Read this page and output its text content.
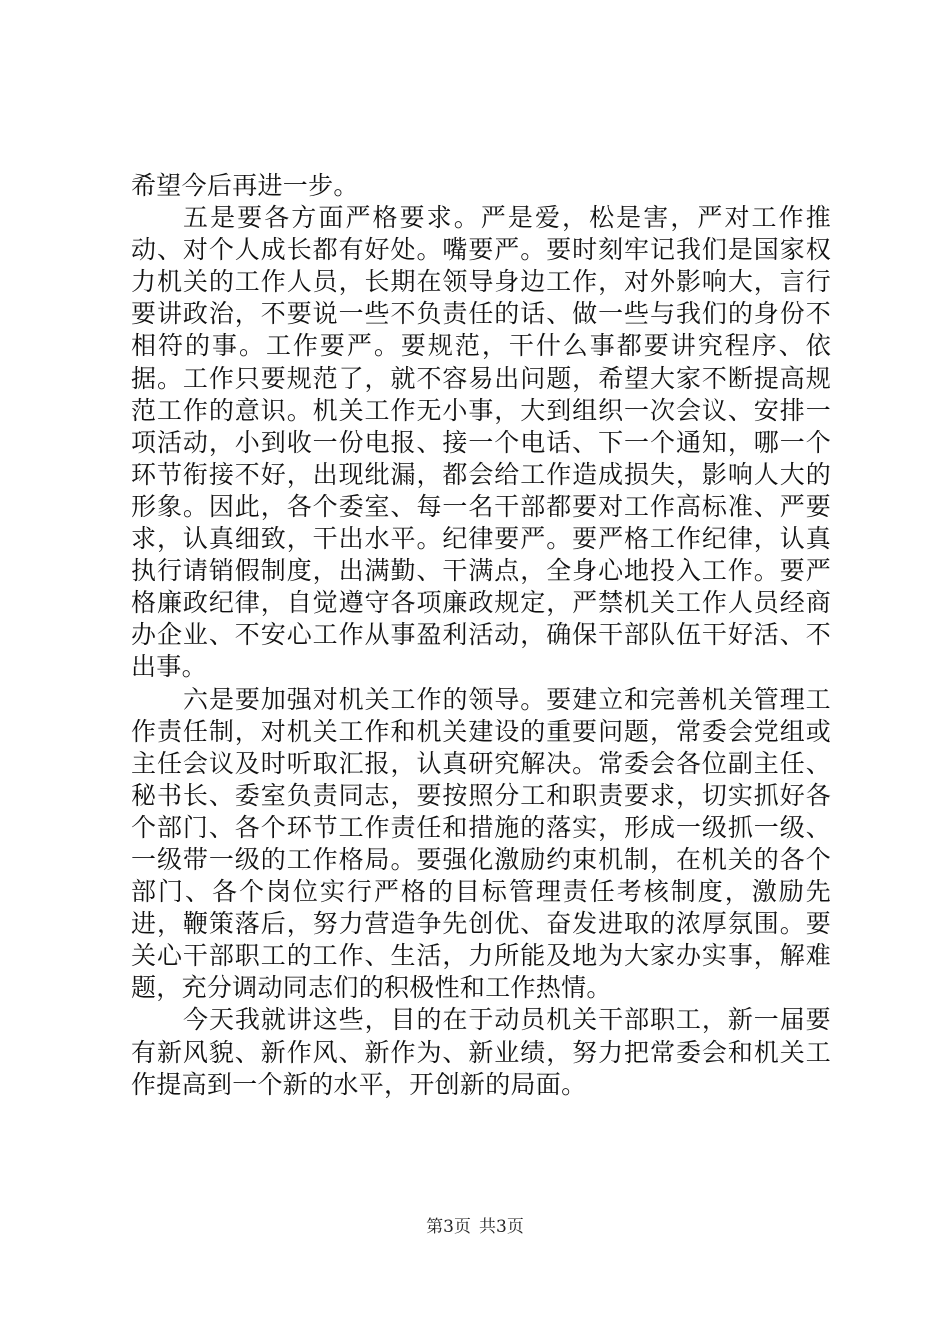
希望今后再进一步。

五是要各方面严格要求。严是爱，松是害，严对工作推动、对个人成长都有好处。嘴要严。要时刻牢记我们是国家权力机关的工作人员，长期在领导身边工作，对外影响大，言行要讲政治，不要说一些不负责任的话、做一些与我们的身份不相符的事。工作要严。要规范，干什么事都要讲究程序、依据。工作只要规范了，就不容易出问题，希望大家不断提高规范工作的意识。机关工作无小事，大到组织一次会议、安排一项活动，小到收一份电报、接一个电话、下一个通知，哪一个环节衔接不好，出现纰漏，都会给工作造成损失，影响人大的形象。因此，各个委室、每一名干部都要对工作高标准、严要求，认真细致，干出水平。纪律要严。要严格工作纪律，认真执行请销假制度，出满勤、干满点，全身心地投入工作。要严格廉政纪律，自觉遵守各项廉政规定，严禁机关工作人员经商办企业、不安心工作从事盈利活动，确保干部队伍干好活、不出事。

六是要加强对机关工作的领导。要建立和完善机关管理工作责任制，对机关工作和机关建设的重要问题，常委会党组或主任会议及时听取汇报，认真研究解决。常委会各位副主任、秘书长、委室负责同志，要按照分工和职责要求，切实抓好各个部门、各个环节工作责任和措施的落实，形成一级抓一级、一级带一级的工作格局。要强化激励约束机制，在机关的各个部门、各个岗位实行严格的目标管理责任考核制度，激励先进，鞭策落后，努力营造争先创优、奋发进取的浓厚氛围。要关心干部职工的工作、生活，力所能及地为大家办实事，解难题，充分调动同志们的积极性和工作热情。

今天我就讲这些，目的在于动员机关干部职工，新一届要有新风貌、新作风、新作为、新业绩，努力把常委会和机关工作提高到一个新的水平，开创新的局面。

第3页 共3页
